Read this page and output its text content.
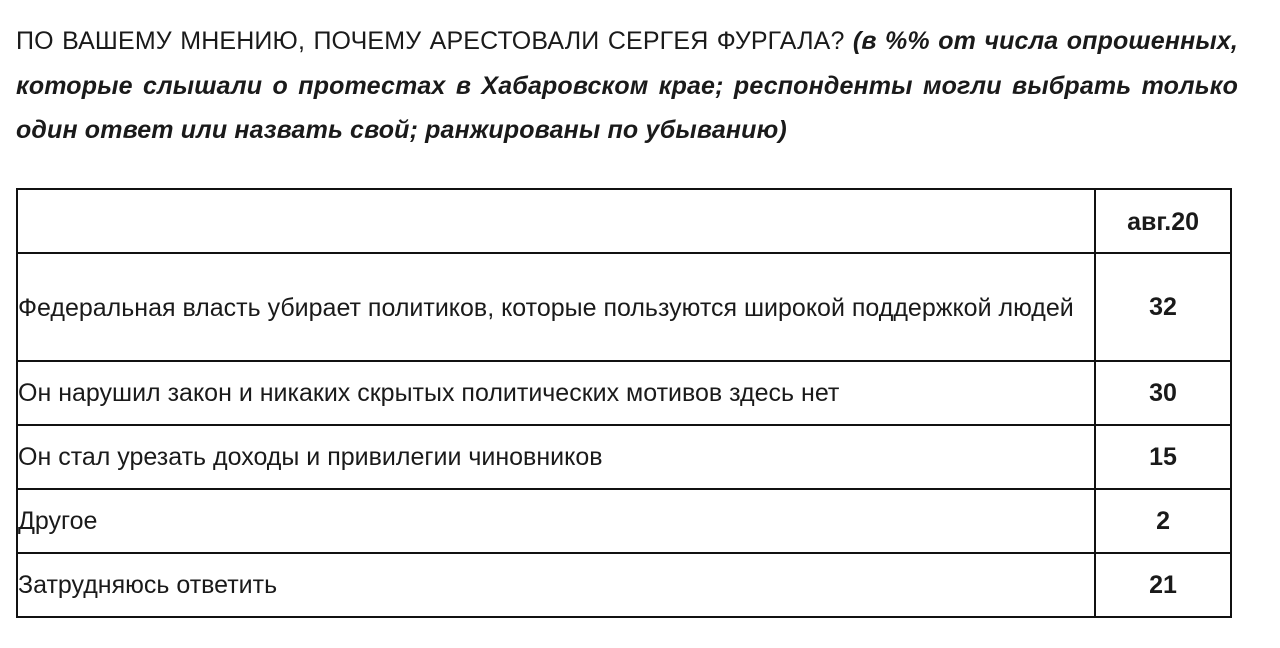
ПО ВАШЕМУ МНЕНИЮ, ПОЧЕМУ АРЕСТОВАЛИ СЕРГЕЯ ФУРГАЛА? (в %% от числа опрошенных, которые слышали о протестах в Хабаровском крае; респонденты могли выбрать только один ответ или назвать свой; ранжированы по убыванию)
	авг.20
Федеральная власть убирает политиков, которые пользуются широкой поддержкой людей	32
Он нарушил закон и никаких скрытых политических мотивов здесь нет	30
Он стал урезать доходы и привилегии чиновников	15
Другое	2
Затрудняюсь ответить	21
